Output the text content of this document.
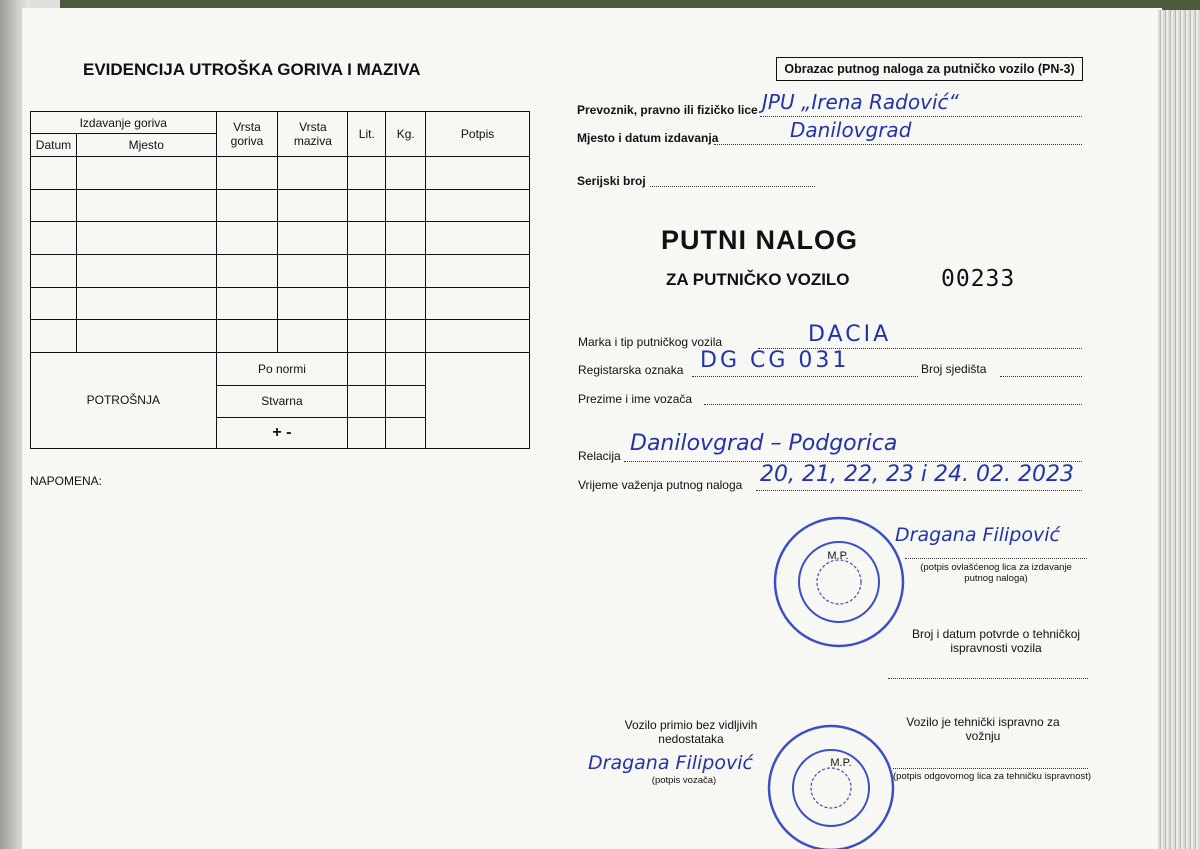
EVIDENCIJA UTROŠKA GORIVA I MAZIVA
Izdavanje goriva		Vrsta goriva	Vrsta maziva	Lit.	Kg.	Potpis
Datum	Mjesto					

POTROŠNJA		Po normi				
		Stvarna				
		+ -				
NAPOMENA:
Obrazac putnog naloga za putničko vozilo (PN-3)
Prevoznik, pravno ili fizičko lice JPU „Irena Radović“
Mjesto i datum izdavanja	Danilovgrad
Serijski broj
PUTNI NALOG
ZA PUTNIČKO VOZILO	00233
Marka i tip putničkog vozila	DACIA
Registarska oznaka DG CG 031	Broj sjedišta
Prezime i ime vozača
Relacija Danilovgrad – Podgorica
Vrijeme važenja putnog naloga 20, 21, 22, 23 i 24. 02. 2023
M.P.
Dragana Filipović
(potpis ovlašćenog lica za izdavanje putnog naloga)
Broj i datum potvrde o tehničkoj ispravnosti vozila
Vozilo primio bez vidljivih nedostataka
Dragana Filipović
(potpis vozača)
M.P.
Vozilo je tehnički ispravno za vožnju
(potpis odgovornog lica za tehničku ispravnost)
